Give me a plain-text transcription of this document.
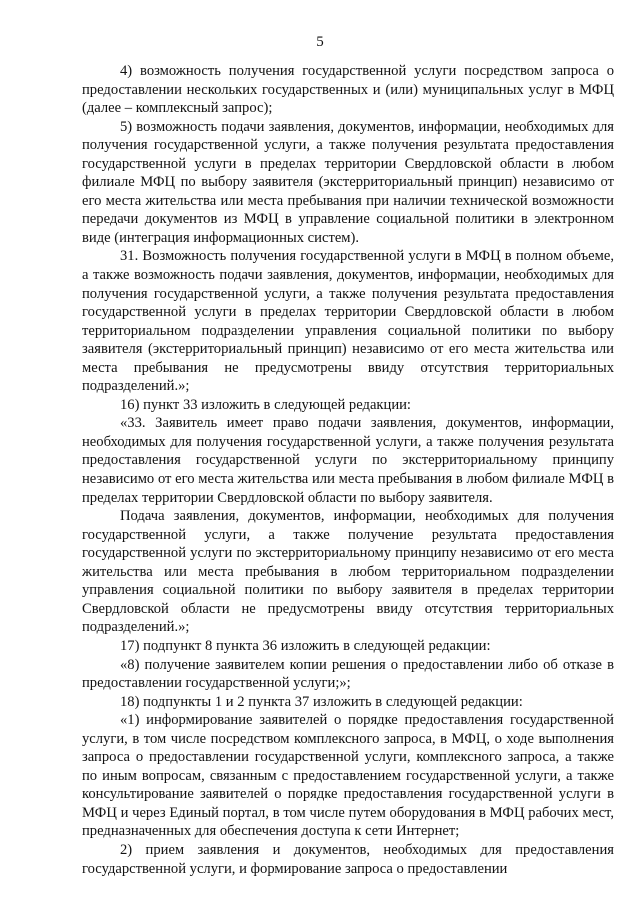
5

4) возможность получения государственной услуги посредством запроса о предоставлении нескольких государственных и (или) муниципальных услуг в МФЦ (далее – комплексный запрос);

5) возможность подачи заявления, документов, информации, необходимых для получения государственной услуги, а также получения результата предоставления государственной услуги в пределах территории Свердловской области в любом филиале МФЦ по выбору заявителя (экстерриториальный принцип) независимо от его места жительства или места пребывания при наличии технической возможности передачи документов из МФЦ в управление социальной политики в электронном виде (интеграция информационных систем).

31. Возможность получения государственной услуги в МФЦ в полном объеме, а также возможность подачи заявления, документов, информации, необходимых для получения государственной услуги, а также получения результата предоставления государственной услуги в пределах территории Свердловской области в любом территориальном подразделении управления социальной политики по выбору заявителя (экстерриториальный принцип) независимо от его места жительства или места пребывания не предусмотрены ввиду отсутствия территориальных подразделений.»;

16) пункт 33 изложить в следующей редакции:

«33. Заявитель имеет право подачи заявления, документов, информации, необходимых для получения государственной услуги, а также получения результата предоставления государственной услуги по экстерриториальному принципу независимо от его места жительства или места пребывания в любом филиале МФЦ в пределах территории Свердловской области по выбору заявителя.

Подача заявления, документов, информации, необходимых для получения государственной услуги, а также получение результата предоставления государственной услуги по экстерриториальному принципу независимо от его места жительства или места пребывания в любом территориальном подразделении управления социальной политики по выбору заявителя в пределах территории Свердловской области не предусмотрены ввиду отсутствия территориальных подразделений.»;

17) подпункт 8 пункта 36 изложить в следующей редакции:

«8) получение заявителем копии решения о предоставлении либо об отказе в предоставлении государственной услуги;»;

18) подпункты 1 и 2 пункта 37 изложить в следующей редакции:

«1) информирование заявителей о порядке предоставления государственной услуги, в том числе посредством комплексного запроса, в МФЦ, о ходе выполнения запроса о предоставлении государственной услуги, комплексного запроса, а также по иным вопросам, связанным с предоставлением государственной услуги, а также консультирование заявителей о порядке предоставления государственной услуги в МФЦ и через Единый портал, в том числе путем оборудования в МФЦ рабочих мест, предназначенных для обеспечения доступа к сети Интернет;

2) прием заявления и документов, необходимых для предоставления государственной услуги, и формирование запроса о предоставлении
